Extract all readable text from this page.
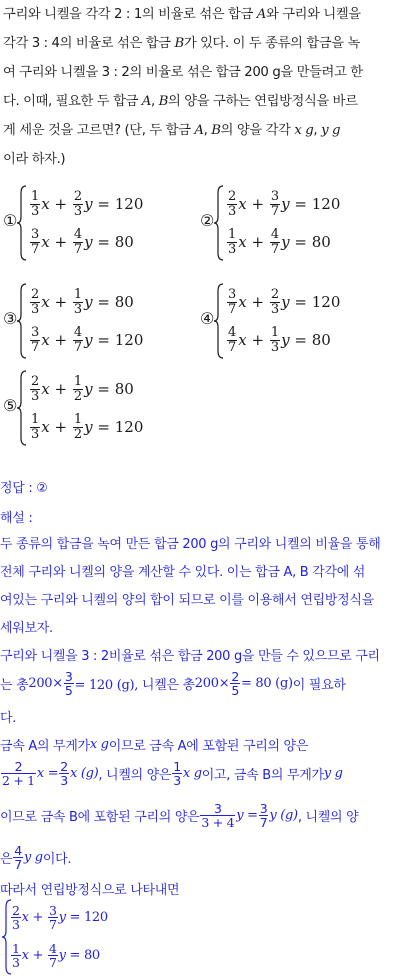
구리와 니켈을 각각 2 : 1의 비율로 섞은 합금 A와 구리와 니켈을
각각 3 : 4의 비율로 섞은 합금 B가 있다. 이 두 종류의 합금을 녹
여 구리와 니켈을 3 : 2의 비율로 섞은 합금 200 g을 만들려고 한
다. 이때, 필요한 두 합금 A, B의 양을 구하는 연립방정식을 바르
게 세운 것을 고르면? (단, 두 합금 A, B의 양을 각각 x g, y g
이라 하자.)
①
$\frac{1}{3}$ $x + \frac{2}{3}$ y = 120
$\frac{3}{7}$ $x + \frac{4}{7}$ y = 80
②
$\frac{2}{3}$ $x + \frac{3}{7}$ y = 120
$\frac{1}{3}$ $x + \frac{4}{7}$ y = 80
③
$\frac{2}{3}$ $x + \frac{1}{3}$ y = 80
$\frac{3}{7}$ $x + \frac{4}{7}$ y = 120
④
$\frac{3}{7}$ $x + \frac{2}{3}$ y = 120
$\frac{4}{7}$ $x + \frac{1}{3}$ y = 80
⑤
$\frac{2}{3}$ $x + \frac{1}{2}$ y = 80
$\frac{1}{3}$ $x + \frac{1}{2}$ y = 120
정답 : ②
해설 :
두 종류의 합금을 녹여 만든 합금 200 g의 구리와 니켈의 비율을 통해
전체 구리와 니켈의 양을 계산할 수 있다. 이는 합금 A, B 각각에 섞
여있는 구리와 니켈의 양의 합이 되므로 이를 이용해서 연립방정식을
세워보자.
구리와 니켈을 3 : 2비율로 섞은 합금 200 g을 만들 수 있으므로 구리
는 총 $200\times \frac{3}{5} = 120$ (g), 니켈은 총 $200\times \frac{2}{5} = 80$ (g) 이 필요하
다.
금속 A의 무게가 x g 이므로 금속 A에 포함된 구리의 양은
$\frac{2}{2 + 1}$ $x = \frac{2}{3}$ x (g) , 니켈의 양은 $\frac{1}{3}$ x g 이고, 금속 B의 무게가 y g
이므로 금속 B에 포함된 구리의 양은 $\frac{3}{3 + 4}$ $y = \frac{3}{7}$ y (g) , 니켈의 양
은 $\frac{4}{7}$ y g 이다.
따라서 연립방정식으로 나타내면
$\frac{2}{3}$ $x + \frac{3}{7}$ y = 120
$\frac{1}{3}$ $x + \frac{4}{7}$ y = 80
